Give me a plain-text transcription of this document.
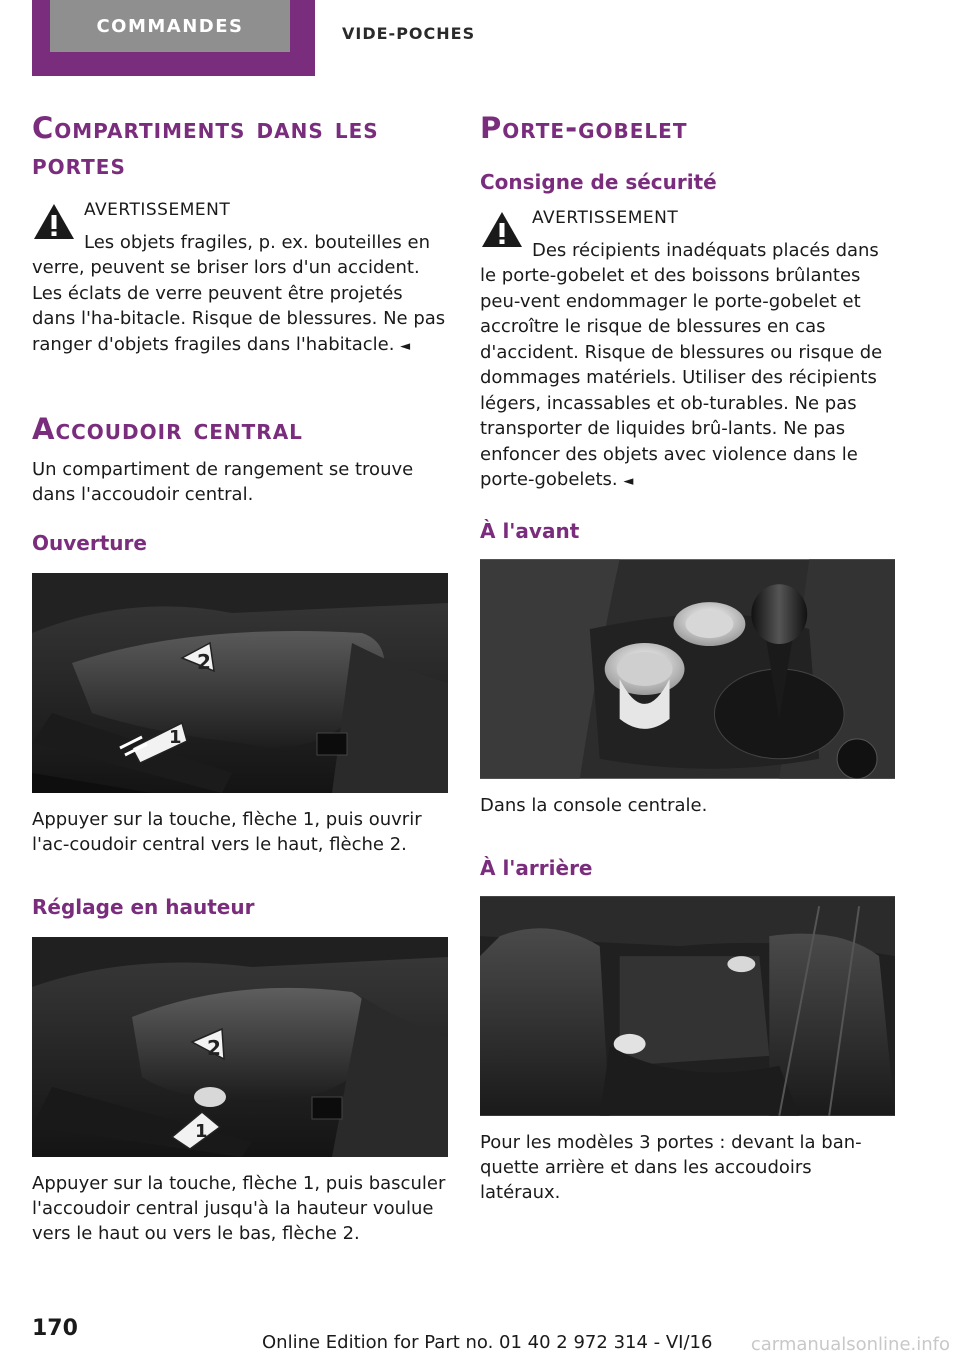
COMMANDES	VIDE-POCHES
Compartiments dans les
portes
AVERTISSEMENT
Les objets fragiles, p. ex. bouteilles en verre, peuvent se briser lors d'un accident. Les éclats de verre peuvent être projetés dans l'ha-bitacle. Risque de blessures. Ne pas ranger d'objets fragiles dans l'habitacle. ◄
Accoudoir central

Un compartiment de rangement se trouve dans l'accoudoir central.

Ouverture
2
1

Appuyer sur la touche, flèche 1, puis ouvrir l'ac-coudoir central vers le haut, flèche 2.

Réglage en hauteur
2
1

Appuyer sur la touche, flèche 1, puis basculer l'accoudoir central jusqu'à la hauteur voulue vers le haut ou vers le bas, flèche 2.

Porte-gobelet
Consigne de sécurité
AVERTISSEMENT
Des récipients inadéquats placés dans le porte-gobelet et des boissons brûlantes peu-vent endommager le porte-gobelet et accroître le risque de blessures en cas d'accident. Risque de blessures ou risque de dommages matériels. Utiliser des récipients légers, incassables et ob-turables. Ne pas transporter de liquides brû-lants. Ne pas enfoncer des objets avec violence dans le porte-gobelets. ◄
À l'avant

Dans la console centrale.

À l'arrière

Pour les modèles 3 portes : devant la ban-quette arrière et dans les accoudoirs latéraux.

170
Online Edition for Part no. 01 40 2 972 314 - VI/16 carmanualsonline.info
